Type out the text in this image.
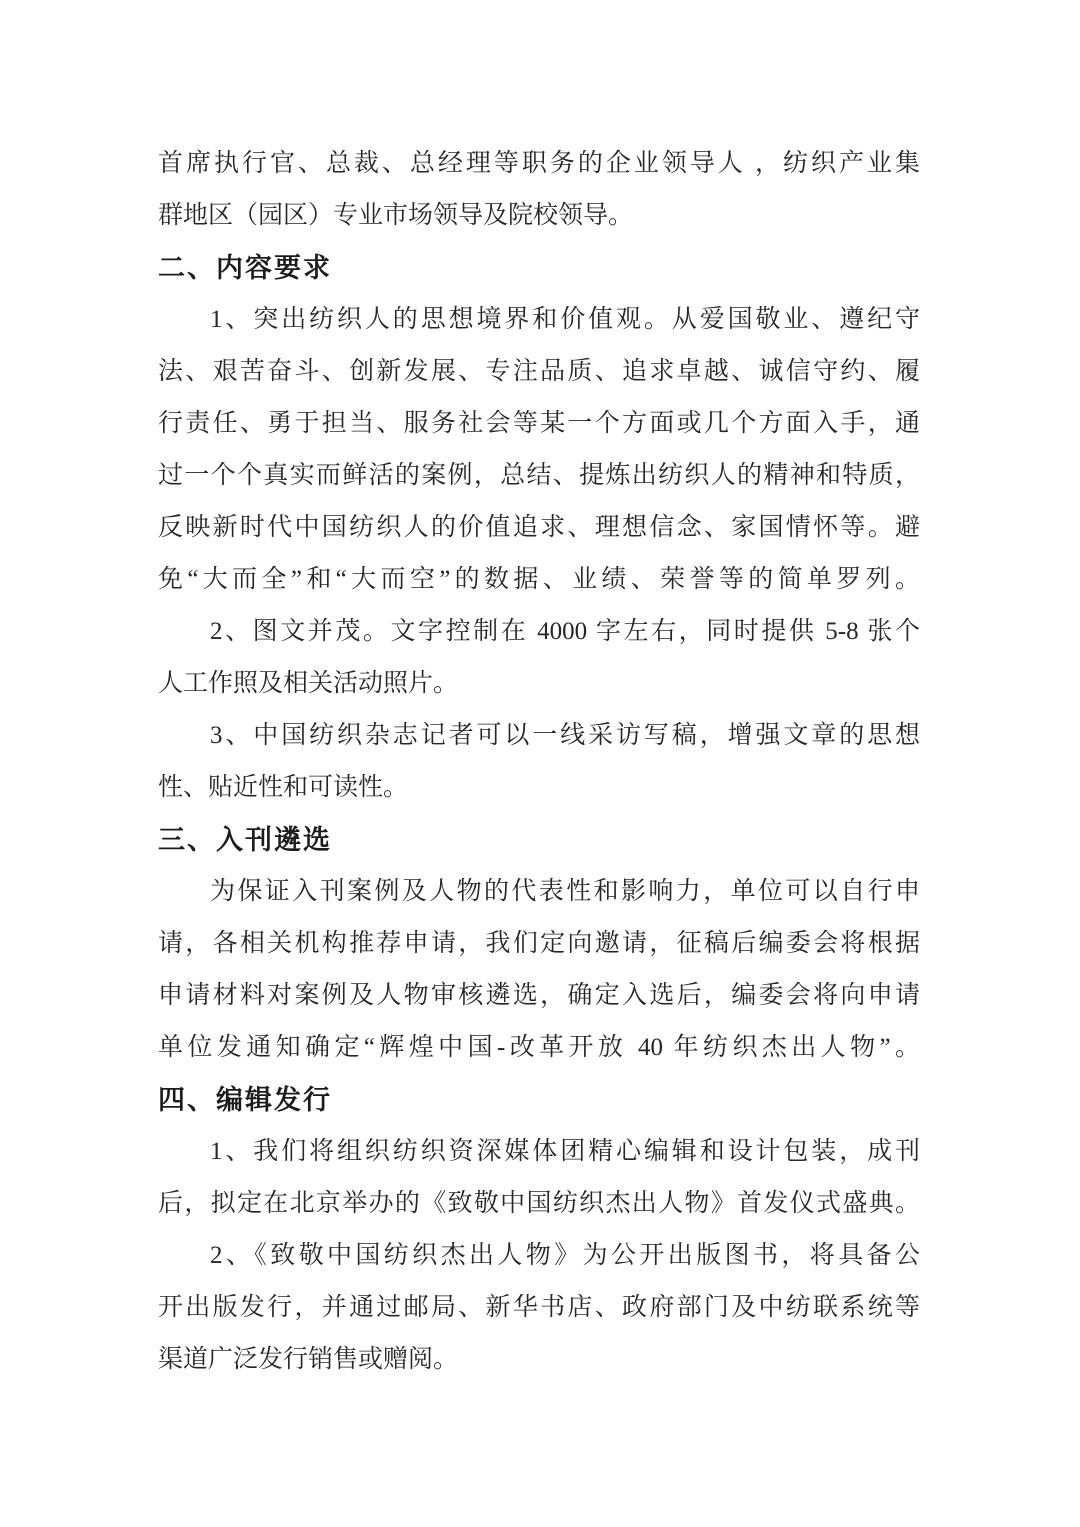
首席执行官、总裁、总经理等职务的企业领导人 ，纺织产业集
群地区（园区）专业市场领导及院校领导。
二、内容要求
1、突出纺织人的思想境界和价值观。从爱国敬业、遵纪守
法、艰苦奋斗、创新发展、专注品质、追求卓越、诚信守约、履
行责任、勇于担当、服务社会等某一个方面或几个方面入手，通
过一个个真实而鲜活的案例，总结、提炼出纺织人的精神和特质，
反映新时代中国纺织人的价值追求、理想信念、家国情怀等。避
免“大而全”和“大而空”的数据、业绩、荣誉等的简单罗列。
2、图文并茂。文字控制在 4000 字左右，同时提供 5-8 张个
人工作照及相关活动照片。
3、中国纺织杂志记者可以一线采访写稿，增强文章的思想
性、贴近性和可读性。
三、入刊遴选
为保证入刊案例及人物的代表性和影响力，单位可以自行申
请，各相关机构推荐申请，我们定向邀请，征稿后编委会将根据
申请材料对案例及人物审核遴选，确定入选后，编委会将向申请
单位发通知确定“辉煌中国-改革开放 40 年纺织杰出人物”。
四、编辑发行
1、我们将组织纺织资深媒体团精心编辑和设计包装，成刊
后，拟定在北京举办的《致敬中国纺织杰出人物》首发仪式盛典。
2、《致敬中国纺织杰出人物》为公开出版图书，将具备公
开出版发行，并通过邮局、新华书店、政府部门及中纺联系统等
渠道广泛发行销售或赠阅。
